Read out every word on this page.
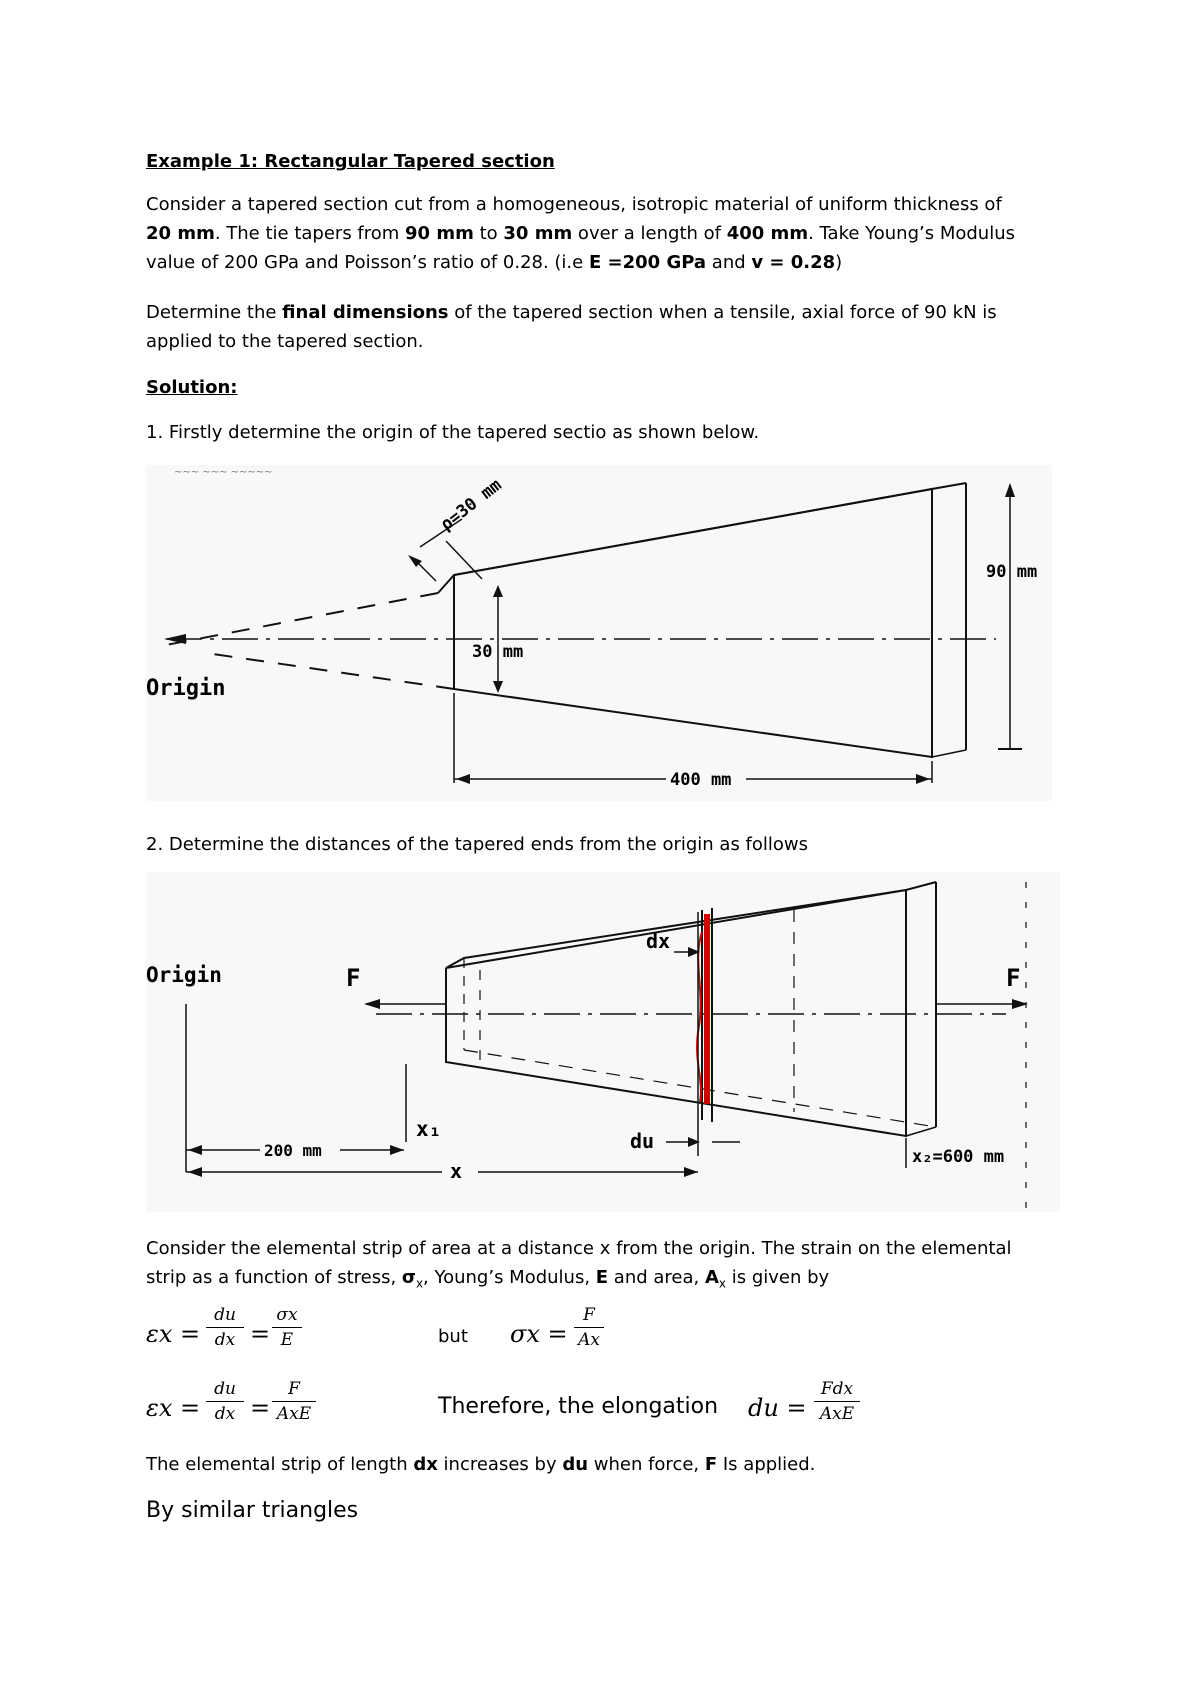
Example 1: Rectangular Tapered section

Consider a tapered section cut from a homogeneous, isotropic material of uniform thickness of

20 mm. The tie tapers from 90 mm to 30 mm over a length of 400 mm. Take Young’s Modulus

value of 200 GPa and Poisson’s ratio of 0.28. (i.e E =200 GPa and v = 0.28)

Determine the final dimensions of the tapered section when a tensile, axial force of 90 kN is

applied to the tapered section.

Solution:

1. Firstly determine the origin of the tapered sectio as shown below.

~~~ ~~~ ~~~~~
Origin
30 mm
90 mm
400 mm
ρ=30 mm

2. Determine the distances of the tapered ends from the origin as follows

F	F
Origin
dx
du
x₁
200 mm
x
x₂=600 mm

Consider the elemental strip of area at a distance x from the origin. The strain on the elemental

strip as a function of stress, $\sigma_x$, Young’s Modulus, E and area, $A_x$ is given by

εx =
du
dx =
σx
E	but σx =
F
Ax
εx =
du
dx =
F
AxE	Therefore, the elongation du =
Fdx
AxE

The elemental strip of length dx increases by du when force, F Is applied.

By similar triangles
